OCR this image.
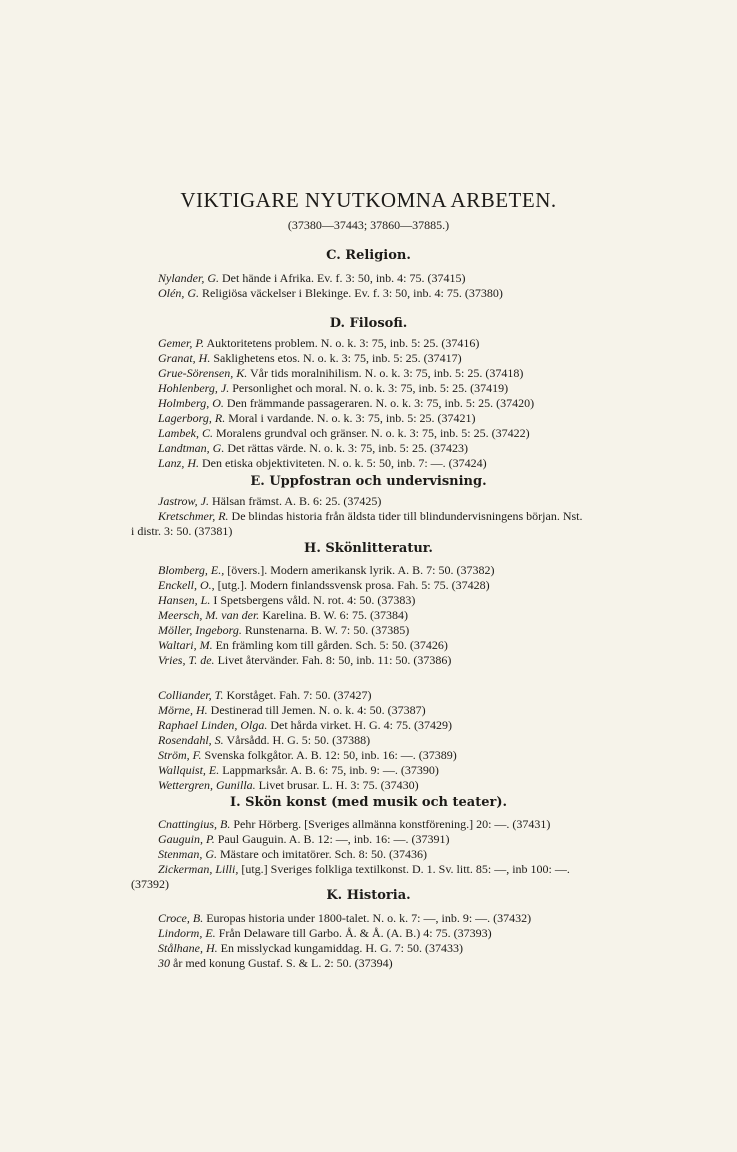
VIKTIGARE NYUTKOMNA ARBETEN.
(37380—37443; 37860—37885.)
C. Religion.
Nylander, G. Det hände i Afrika. Ev. f. 3: 50, inb. 4: 75. (37415)
Olén, G. Religiösa väckelser i Blekinge. Ev. f. 3: 50, inb. 4: 75. (37380)
D. Filosofi.
Gemer, P. Auktoritetens problem. N. o. k. 3: 75, inb. 5: 25. (37416)
Granat, H. Saklighetens etos. N. o. k. 3: 75, inb. 5: 25. (37417)
Grue-Sörensen, K. Vår tids moralnihilism. N. o. k. 3: 75, inb. 5: 25. (37418)
Hohlenberg, J. Personlighet och moral. N. o. k. 3: 75, inb. 5: 25. (37419)
Holmberg, O. Den främmande passageraren. N. o. k. 3: 75, inb. 5: 25. (37420)
Lagerborg, R. Moral i vardande. N. o. k. 3: 75, inb. 5: 25. (37421)
Lambek, C. Moralens grundval och gränser. N. o. k. 3: 75, inb. 5: 25. (37422)
Landtman, G. Det rättas värde. N. o. k. 3: 75, inb. 5: 25. (37423)
Lanz, H. Den etiska objektiviteten. N. o. k. 5: 50, inb. 7: —. (37424)
E. Uppfostran och undervisning.
Jastrow, J. Hälsan främst. A. B. 6: 25. (37425)
Kretschmer, R. De blindas historia från äldsta tider till blindundervisningens början. Nst.
i distr. 3: 50. (37381)
H. Skönlitteratur.
Blomberg, E., [övers.]. Modern amerikansk lyrik. A. B. 7: 50. (37382)
Enckell, O., [utg.]. Modern finlandssvensk prosa. Fah. 5: 75. (37428)
Hansen, L. I Spetsbergens våld. N. rot. 4: 50. (37383)
Meersch, M. van der. Karelina. B. W. 6: 75. (37384)
Möller, Ingeborg. Runstenarna. B. W. 7: 50. (37385)
Waltari, M. En främling kom till gården. Sch. 5: 50. (37426)
Vries, T. de. Livet återvänder. Fah. 8: 50, inb. 11: 50. (37386)
Colliander, T. Korståget. Fah. 7: 50. (37427)
Mörne, H. Destinerad till Jemen. N. o. k. 4: 50. (37387)
Raphael Linden, Olga. Det hårda virket. H. G. 4: 75. (37429)
Rosendahl, S. Vårsådd. H. G. 5: 50. (37388)
Ström, F. Svenska folkgåtor. A. B. 12: 50, inb. 16: —. (37389)
Wallquist, E. Lappmarksår. A. B. 6: 75, inb. 9: —. (37390)
Wettergren, Gunilla. Livet brusar. L. H. 3: 75. (37430)
I. Skön konst (med musik och teater).
Cnattingius, B. Pehr Hörberg. [Sveriges allmänna konstförening.] 20: —. (37431)
Gauguin, P. Paul Gauguin. A. B. 12: —, inb. 16: —. (37391)
Stenman, G. Mästare och imitatörer. Sch. 8: 50. (37436)
Zickerman, Lilli, [utg.] Sveriges folkliga textilkonst. D. 1. Sv. litt. 85: —, inb 100: —.
(37392)
K. Historia.
Croce, B. Europas historia under 1800-talet. N. o. k. 7: —, inb. 9: —. (37432)
Lindorm, E. Från Delaware till Garbo. Å. & Å. (A. B.) 4: 75. (37393)
Stålhane, H. En misslyckad kungamiddag. H. G. 7: 50. (37433)
30 år med konung Gustaf. S. & L. 2: 50. (37394)
